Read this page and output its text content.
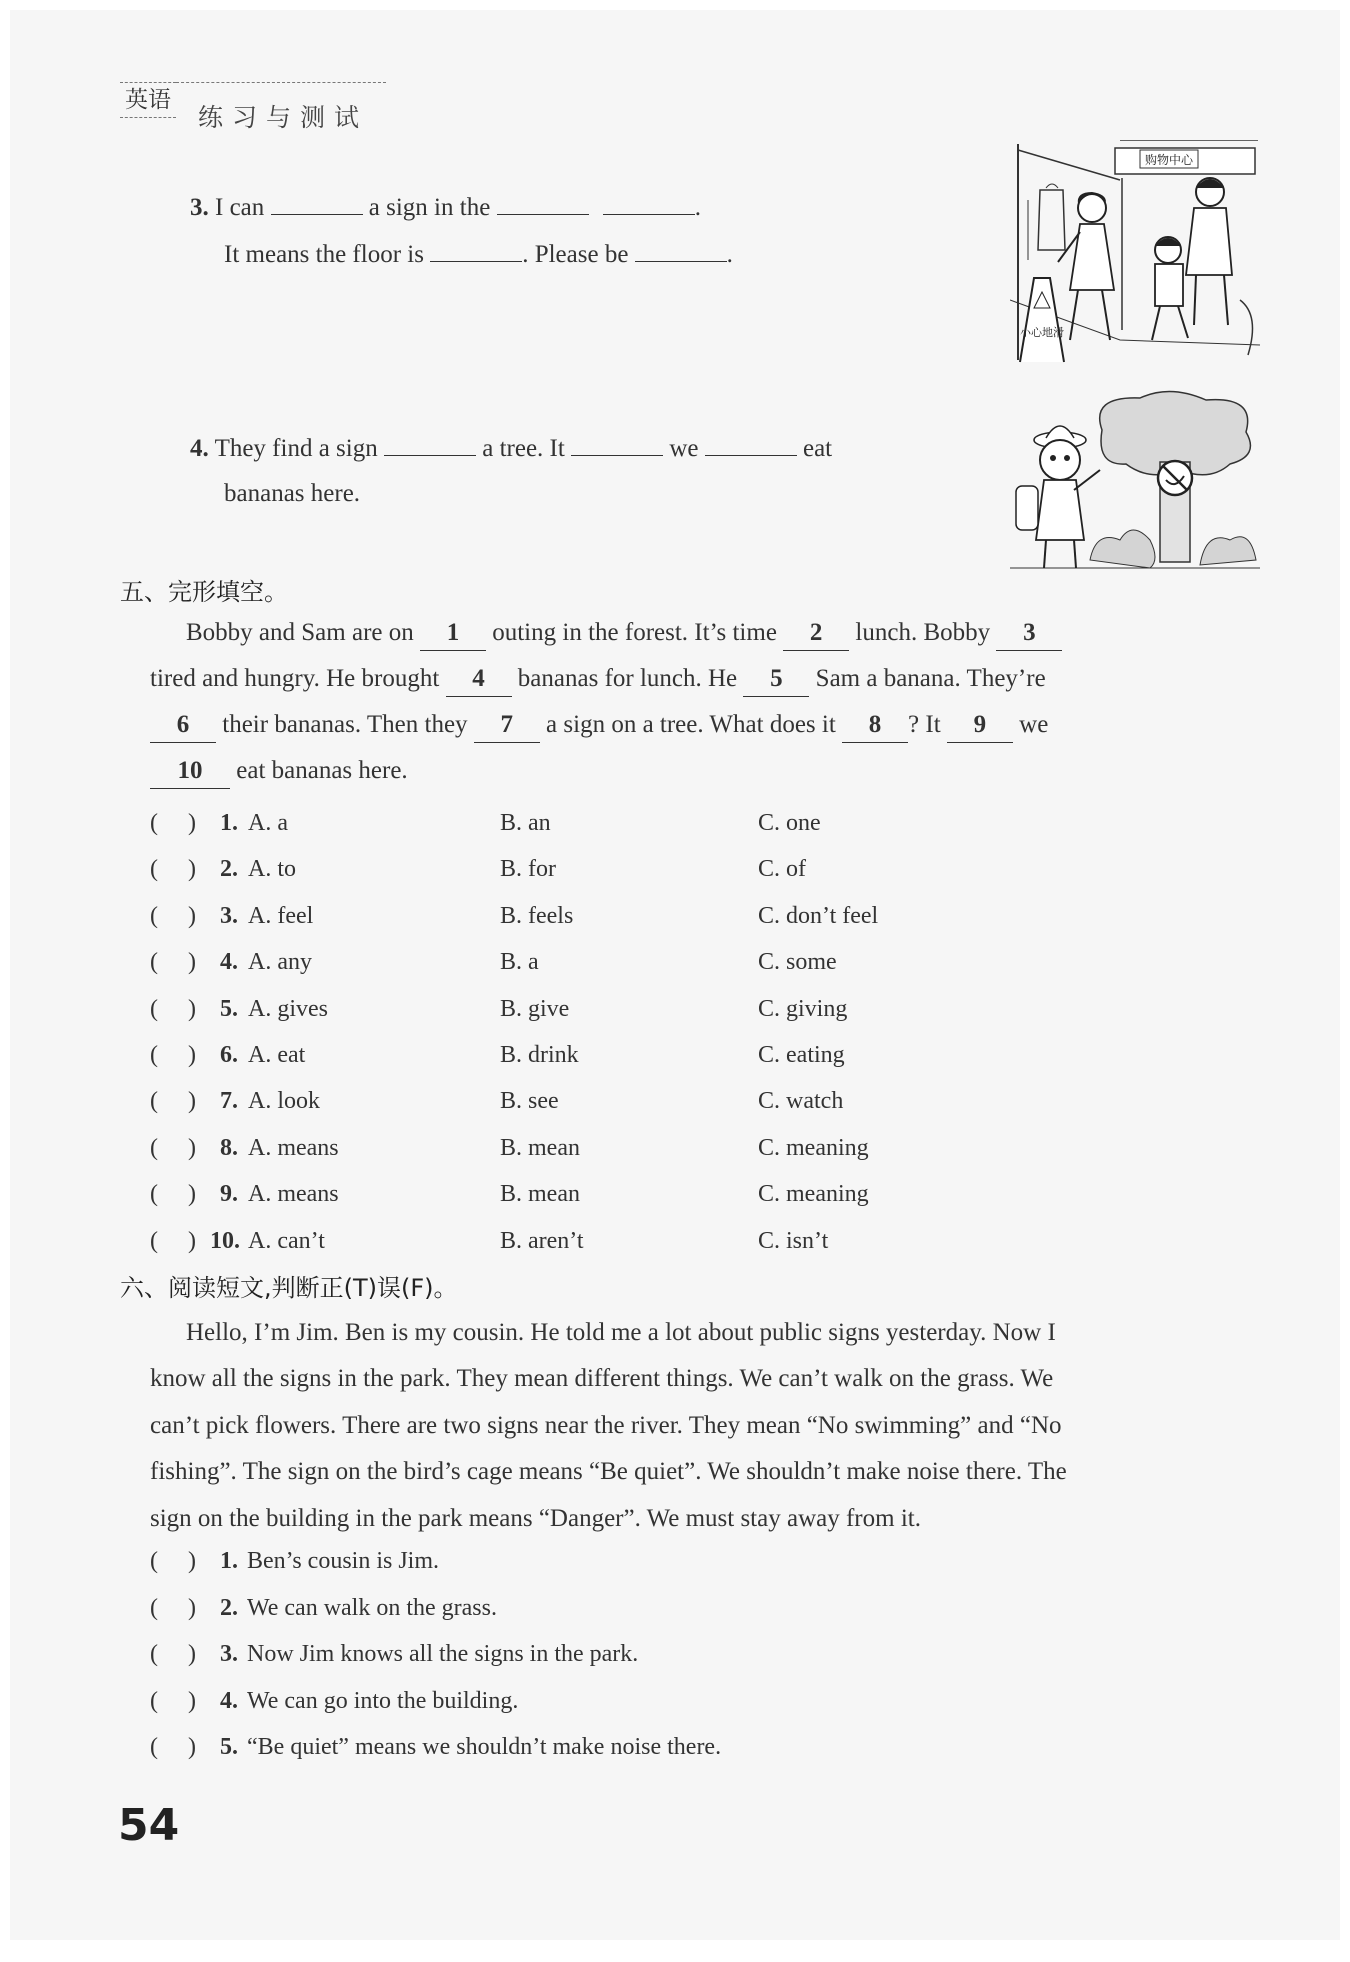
英语
练习与测试
3. I can	a sign in the	.
It means the floor is	. Please be	.
购物中心
小心地滑
4. They find a sign	a tree. It	we	eat
bananas here.
五、完形填空。
Bobby and Sam are on 1 outing in the forest. It’s time 2 lunch. Bobby 3
tired and hungry. He brought 4 bananas for lunch. He 5 Sam a banana. They’re
6 their bananas. Then they 7 a sign on a tree. What does it 8 ? It 9 we
10 eat bananas here.
(     ) 1. A. a	B. an	C. one
(     ) 2. A. to	B. for	C. of
(     ) 3. A. feel	B. feels	C. don’t feel
(     ) 4. A. any	B. a	C. some
(     ) 5. A. gives	B. give	C. giving
(     ) 6. A. eat	B. drink	C. eating
(     ) 7. A. look	B. see	C. watch
(     ) 8. A. means	B. mean	C. meaning
(     ) 9. A. means	B. mean	C. meaning
(     ) 10. A. can’t	B. aren’t	C. isn’t
六、阅读短文,判断正(T)误(F)。
Hello, I’m Jim. Ben is my cousin. He told me a lot about public signs yesterday. Now I
know all the signs in the park. They mean different things. We can’t walk on the grass. We
can’t pick flowers. There are two signs near the river. They mean “No swimming” and “No
fishing”. The sign on the bird’s cage means “Be quiet”. We shouldn’t make noise there. The
sign on the building in the park means “Danger”. We must stay away from it.
(     ) 1. Ben’s cousin is Jim.
(     ) 2. We can walk on the grass.
(     ) 3. Now Jim knows all the signs in the park.
(     ) 4. We can go into the building.
(     ) 5. “Be quiet” means we shouldn’t make noise there.
54
